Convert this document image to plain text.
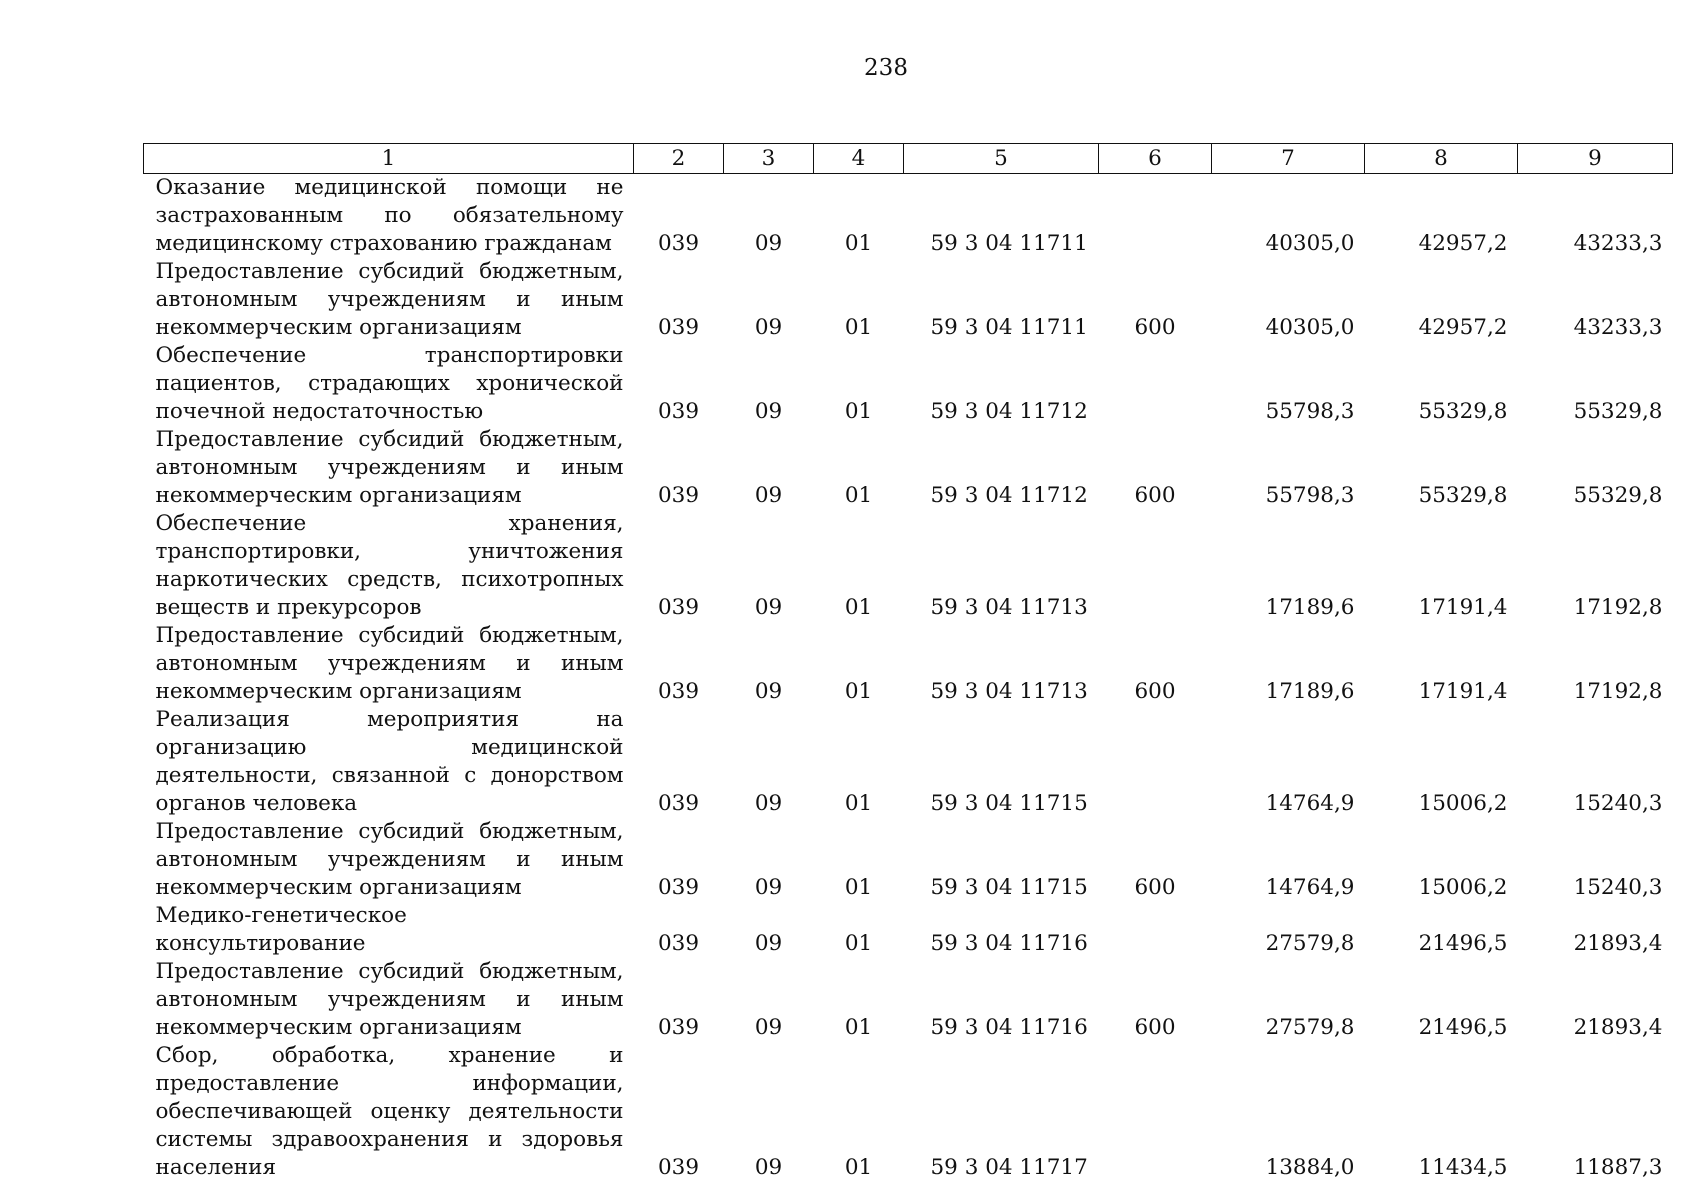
238
1	2	3	4	5	6	7	8	9
Оказание медицинской помощи не застрахованным по обязательному медицинскому страхованию гражданам	039	09	01	59 3 04 11711		40305,0	42957,2	43233,3
Предоставление субсидий бюджетным, автономным учреждениям и иным некоммерческим организациям	039	09	01	59 3 04 11711	600	40305,0	42957,2	43233,3
Обеспечение транспортировки пациентов, страдающих хронической почечной недостаточностью	039	09	01	59 3 04 11712		55798,3	55329,8	55329,8
Предоставление субсидий бюджетным, автономным учреждениям и иным некоммерческим организациям	039	09	01	59 3 04 11712	600	55798,3	55329,8	55329,8
Обеспечение хранения, транспортировки, уничтожения наркотических средств, психотропных веществ и прекурсоров	039	09	01	59 3 04 11713		17189,6	17191,4	17192,8
Предоставление субсидий бюджетным, автономным учреждениям и иным некоммерческим организациям	039	09	01	59 3 04 11713	600	17189,6	17191,4	17192,8
Реализация мероприятия на организацию медицинской деятельности, связанной с донорством органов человека	039	09	01	59 3 04 11715		14764,9	15006,2	15240,3
Предоставление субсидий бюджетным, автономным учреждениям и иным некоммерческим организациям	039	09	01	59 3 04 11715	600	14764,9	15006,2	15240,3
Медико-генетическое консультирование	039	09	01	59 3 04 11716		27579,8	21496,5	21893,4
Предоставление субсидий бюджетным, автономным учреждениям и иным некоммерческим организациям	039	09	01	59 3 04 11716	600	27579,8	21496,5	21893,4
Сбор, обработка, хранение и предоставление информации, обеспечивающей оценку деятельности системы здравоохранения и здоровья населения	039	09	01	59 3 04 11717		13884,0	11434,5	11887,3
